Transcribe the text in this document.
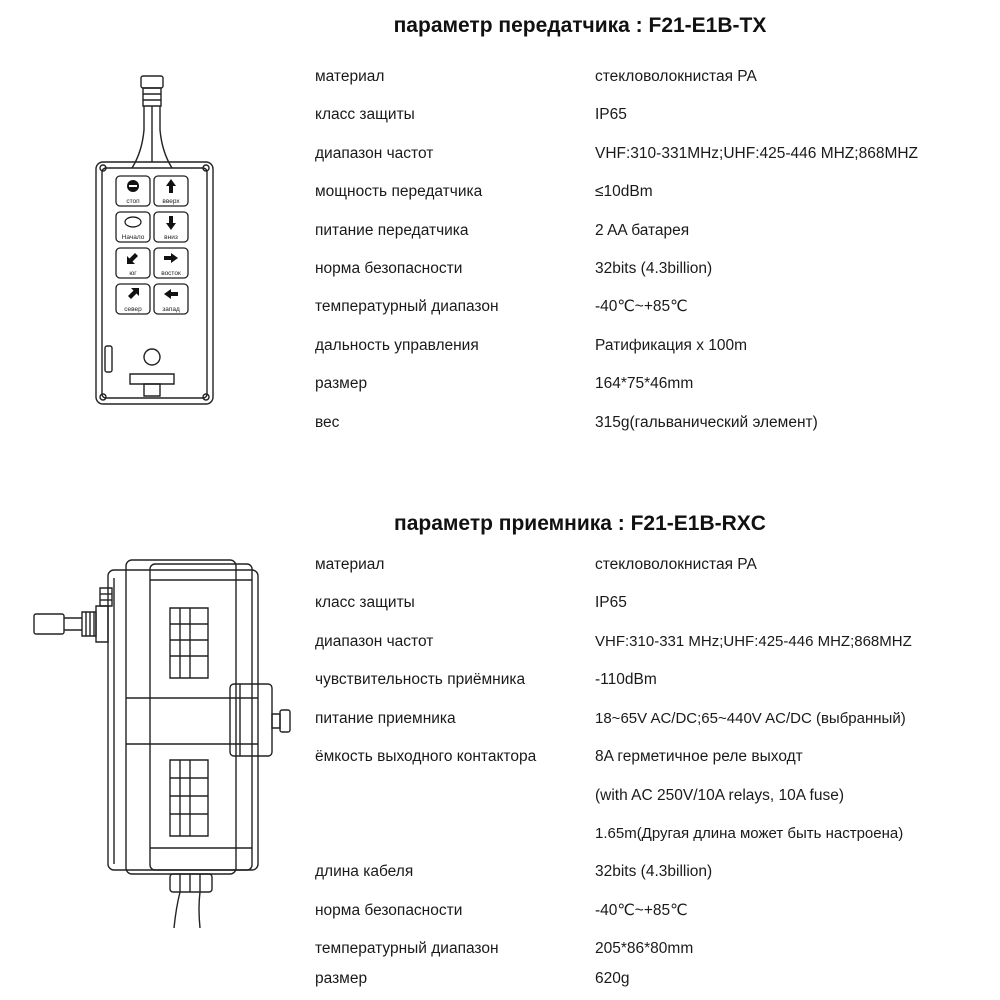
параметр передатчика : F21-E1B-TX
стоп	вверх
Начало	вниз
юг	восток
север	запад
материал	стекловолокнистая PA
класс защиты	IP65
диапазон частот	VHF:310-331MHz;UHF:425-446 MHZ;868MHZ
мощность передатчика	≤10dBm
питание передатчика	2 AA батарея
норма безопасности	32bits (4.3billion)
температурный диапазон	-40℃~+85℃
дальность управления	Ратификация x 100m
размер	164*75*46mm
вес	315g(гальванический элемент)
параметр приемника : F21-E1B-RXC
материал	стекловолокнистая PA
класс защиты	IP65
диапазон частот	VHF:310-331 MHz;UHF:425-446 MHZ;868MHZ
чувствительность приёмника	-110dBm
питание приемника	18~65V AC/DC;65~440V AC/DC (выбранный)
ёмкость выходного контактора	8A герметичное реле выходт
(with AC 250V/10A relays, 10A fuse)
1.65m(Другая длина может быть настроена)
длина кабеля	32bits (4.3billion)
норма безопасности	-40℃~+85℃
температурный диапазон	205*86*80mm
размер	620g
